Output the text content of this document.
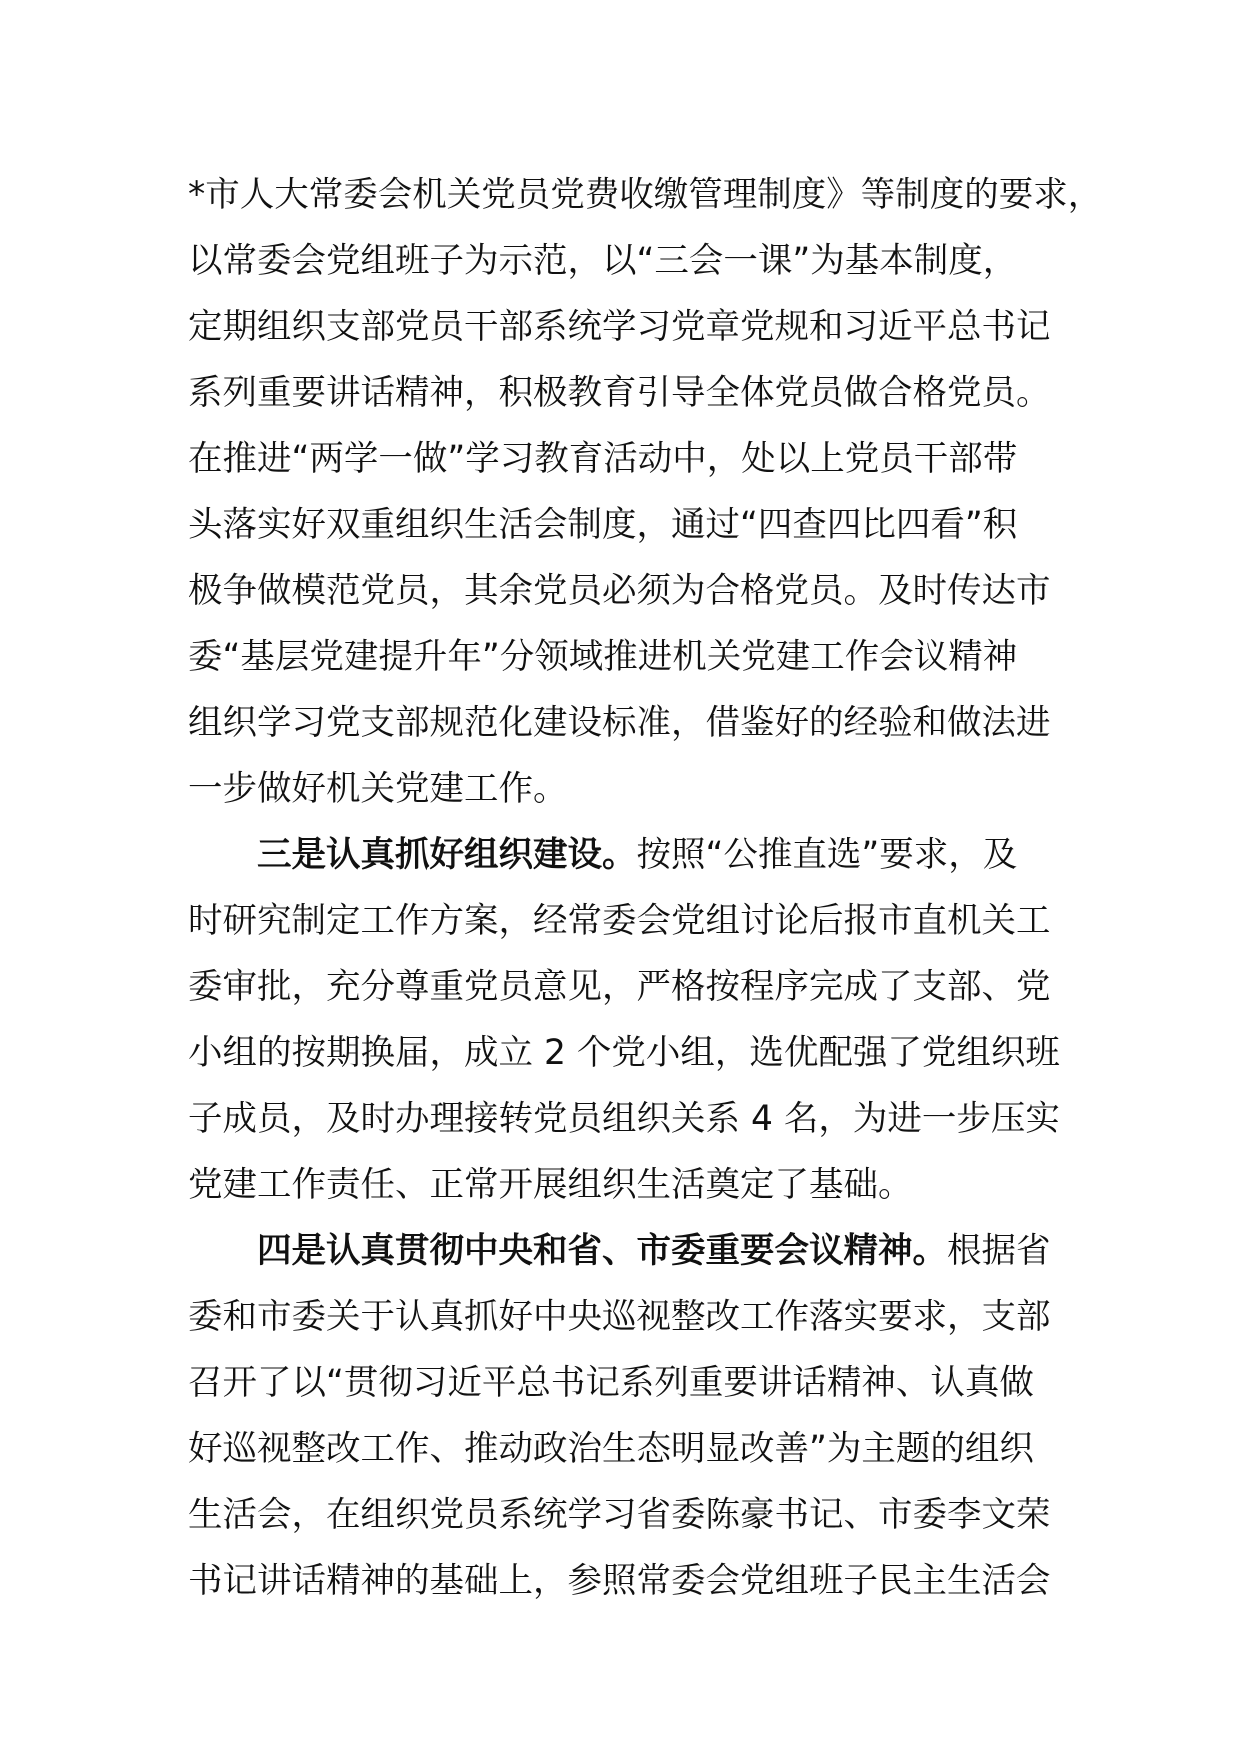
*市人大常委会机关党员党费收缴管理制度》等制度的要求，
以常委会党组班子为示范，以“三会一课”为基本制度，
定期组织支部党员干部系统学习党章党规和习近平总书记
系列重要讲话精神，积极教育引导全体党员做合格党员。
在推进“两学一做”学习教育活动中，处以上党员干部带
头落实好双重组织生活会制度，通过“四查四比四看”积
极争做模范党员，其余党员必须为合格党员。及时传达市
委“基层党建提升年”分领域推进机关党建工作会议精神
组织学习党支部规范化建设标准，借鉴好的经验和做法进
一步做好机关党建工作。
三是认真抓好组织建设。按照“公推直选”要求，及
时研究制定工作方案，经常委会党组讨论后报市直机关工
委审批，充分尊重党员意见，严格按程序完成了支部、党
小组的按期换届，成立 2 个党小组，选优配强了党组织班
子成员，及时办理接转党员组织关系 4 名，为进一步压实
党建工作责任、正常开展组织生活奠定了基础。
四是认真贯彻中央和省、市委重要会议精神。根据省
委和市委关于认真抓好中央巡视整改工作落实要求，支部
召开了以“贯彻习近平总书记系列重要讲话精神、认真做
好巡视整改工作、推动政治生态明显改善”为主题的组织
生活会，在组织党员系统学习省委陈豪书记、市委李文荣
书记讲话精神的基础上，参照常委会党组班子民主生活会
